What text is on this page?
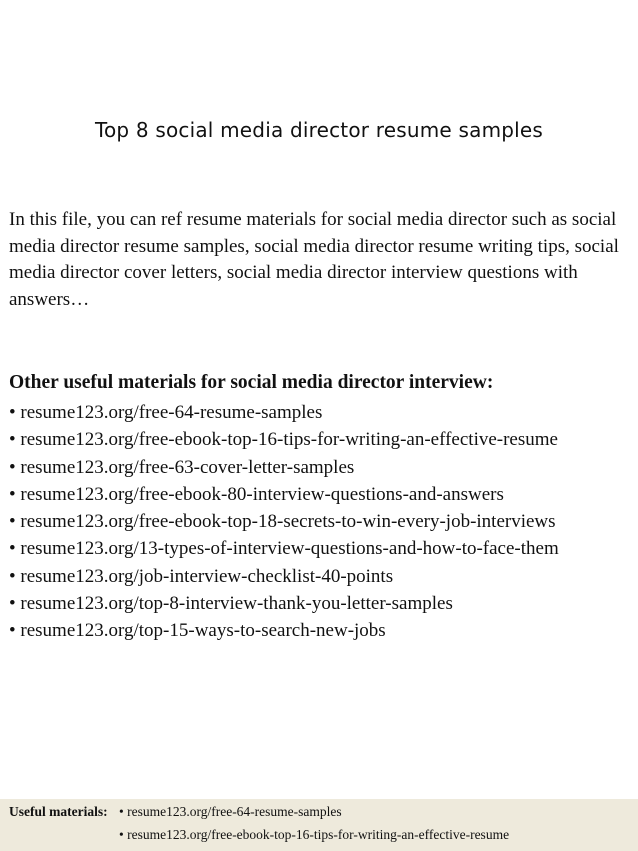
Top 8 social media director resume samples
In this file, you can ref resume materials for social media director such as social media director resume samples, social media director resume writing tips, social media director cover letters, social media director interview questions with answers…
Other useful materials for social media director interview:
• resume123.org/free-64-resume-samples
• resume123.org/free-ebook-top-16-tips-for-writing-an-effective-resume
• resume123.org/free-63-cover-letter-samples
• resume123.org/free-ebook-80-interview-questions-and-answers
• resume123.org/free-ebook-top-18-secrets-to-win-every-job-interviews
• resume123.org/13-types-of-interview-questions-and-how-to-face-them
• resume123.org/job-interview-checklist-40-points
• resume123.org/top-8-interview-thank-you-letter-samples
• resume123.org/top-15-ways-to-search-new-jobs
Useful materials: • resume123.org/free-64-resume-samples
• resume123.org/free-ebook-top-16-tips-for-writing-an-effective-resume
